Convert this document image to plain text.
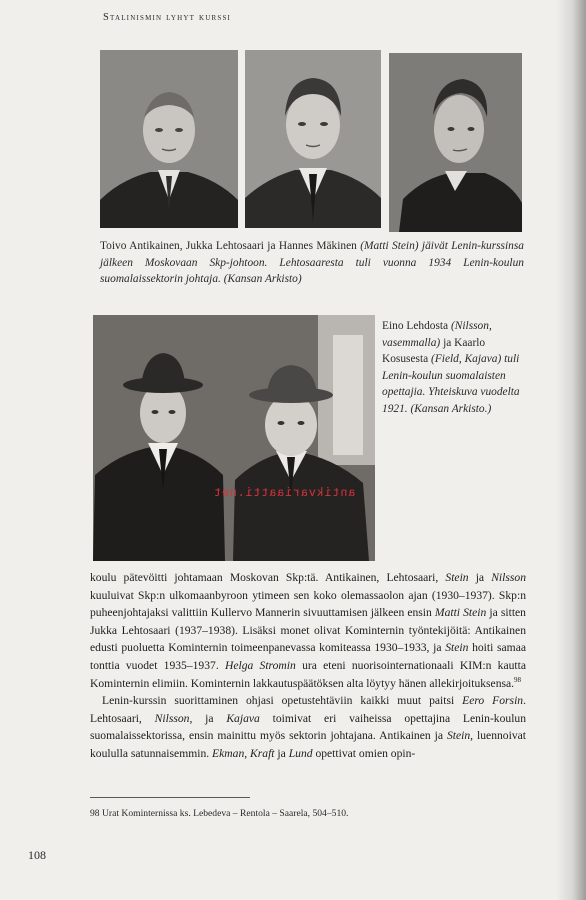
Stalinismin lyhyt kurssi
Toivo Antikainen, Jukka Lehtosaari ja Hannes Mäkinen (Matti Stein) jäivät Lenin-kurssinsa jälkeen Moskovaan Skp-johtoon. Lehtosaaresta tuli vuonna 1934 Lenin-koulun suomalaissektorin johtaja. (Kansan Arkisto)
antikvariaatti.net
Eino Lehdosta (Nilsson, vasemmalla) ja Kaarlo Kosusesta (Field, Kajava) tuli Lenin-koulun suomalaisten opettajia. Yhteiskuva vuodelta 1921. (Kansan Arkisto.)

koulu pätevöitti johtamaan Moskovan Skp:tä. Antikainen, Lehtosaari, Stein ja Nilsson kuuluivat Skp:n ulkomaanbyroon ytimeen sen koko olemassaolon ajan (1930–1937). Skp:n puheenjohtajaksi valittiin Kullervo Mannerin sivuuttamisen jälkeen ensin Matti Stein ja sitten Jukka Lehtosaari (1937–1938). Lisäksi monet olivat Kominternin työntekijöitä: Antikainen edusti puoluetta Kominternin toimeenpanevassa komiteassa 1930–1933, ja Stein hoiti samaa tonttia vuodet 1935–1937. Helga Stromin ura eteni nuorisointernationaali KIM:n kautta Kominternin elimiin. Kominternin lakkautuspäätöksen alta löytyy hänen allekirjoituksensa.$^{98}$

Lenin-kurssin suorittaminen ohjasi opetustehtäviin kaikki muut paitsi Eero Forsin. Lehtosaari, Nilsson, ja Kajava toimivat eri vaiheissa opettajina Lenin-koulun suomalaissektorissa, ensin mainittu myös sektorin johtajana. Antikainen ja Stein, luennoivat koululla satunnaisemmin. Ekman, Kraft ja Lund opettivat omien opin-

98 Urat Kominternissa ks. Lebedeva – Rentola – Saarela, 504–510.
108
